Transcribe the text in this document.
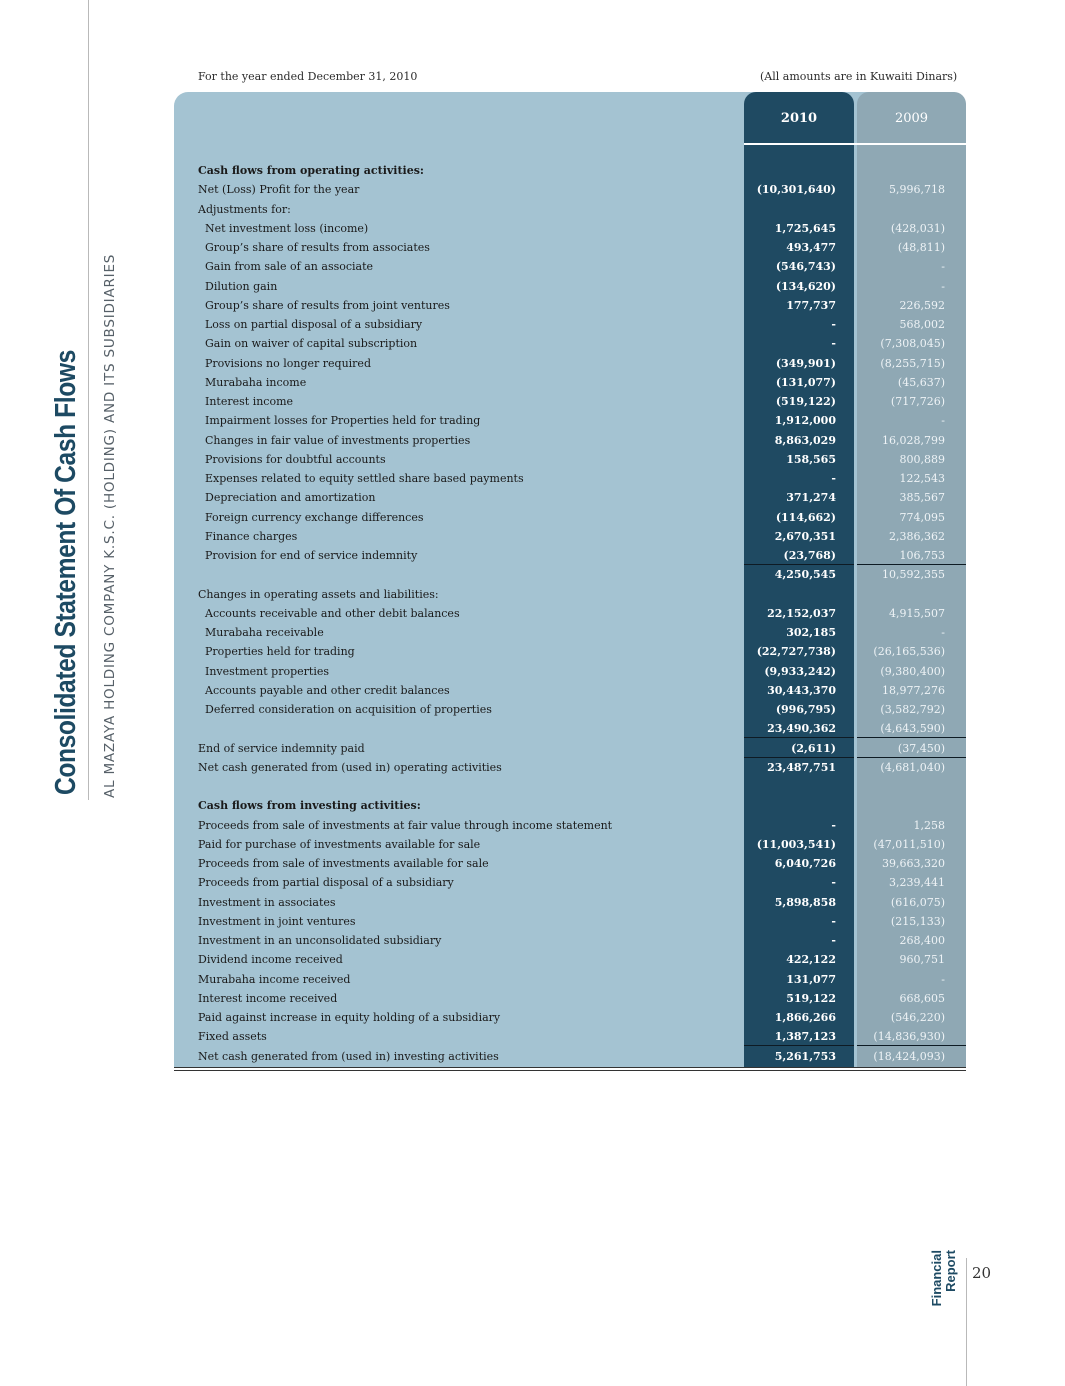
Consolidated Statement Of Cash Flows AL MAZAYA HOLDING COMPANY K.S.C. (HOLDING) AND ITS SUBSIDIARIES
For the year ended December 31, 2010	(All amounts are in Kuwaiti Dinars)
2010	2009
Cash flows from operating activities:
Net (Loss) Profit for the year	(10,301,640)	5,996,718
Adjustments for:
Net investment loss (income)	1,725,645	(428,031)
Group’s share of results from associates	493,477	(48,811)
Gain from sale of an associate	(546,743)	-
Dilution gain	(134,620)	-
Group’s share of results from joint ventures	177,737	226,592
Loss on partial disposal of a subsidiary	-	568,002
Gain on waiver of capital subscription	-	(7,308,045)
Provisions no longer required	(349,901)	(8,255,715)
Murabaha income	(131,077)	(45,637)
Interest income	(519,122)	(717,726)
Impairment losses for Properties held for trading	1,912,000	-
Changes in fair value of investments properties	8,863,029	16,028,799
Provisions for doubtful accounts	158,565	800,889
Expenses related to equity settled share based payments	-	122,543
Depreciation and amortization	371,274	385,567
Foreign currency exchange differences	(114,662)	774,095
Finance charges	2,670,351	2,386,362
Provision for end of service indemnity	(23,768)	106,753
4,250,545	10,592,355
Changes in operating assets and liabilities:
Accounts receivable and other debit balances	22,152,037	4,915,507
Murabaha receivable	302,185	-
Properties held for trading	(22,727,738)	(26,165,536)
Investment properties	(9,933,242)	(9,380,400)
Accounts payable and other credit balances	30,443,370	18,977,276
Deferred consideration on acquisition of properties	(996,795)	(3,582,792)
23,490,362	(4,643,590)
End of service indemnity paid	(2,611)	(37,450)
Net cash generated from (used in) operating activities	23,487,751	(4,681,040)
Cash flows from investing activities:
Proceeds from sale of investments at fair value through income statement	-	1,258
Paid for purchase of investments available for sale	(11,003,541)	(47,011,510)
Proceeds from sale of investments available for sale	6,040,726	39,663,320
Proceeds from partial disposal of a subsidiary	-	3,239,441
Investment in associates	5,898,858	(616,075)
Investment in joint ventures	-	(215,133)
Investment in an unconsolidated subsidiary	-	268,400
Dividend income received	422,122	960,751
Murabaha income received	131,077	-
Interest income received	519,122	668,605
Paid against increase in equity holding of a subsidiary	1,866,266	(546,220)
Fixed assets	1,387,123	(14,836,930)
Net cash generated from (used in) investing activities	5,261,753	(18,424,093)
20
Financial Report
